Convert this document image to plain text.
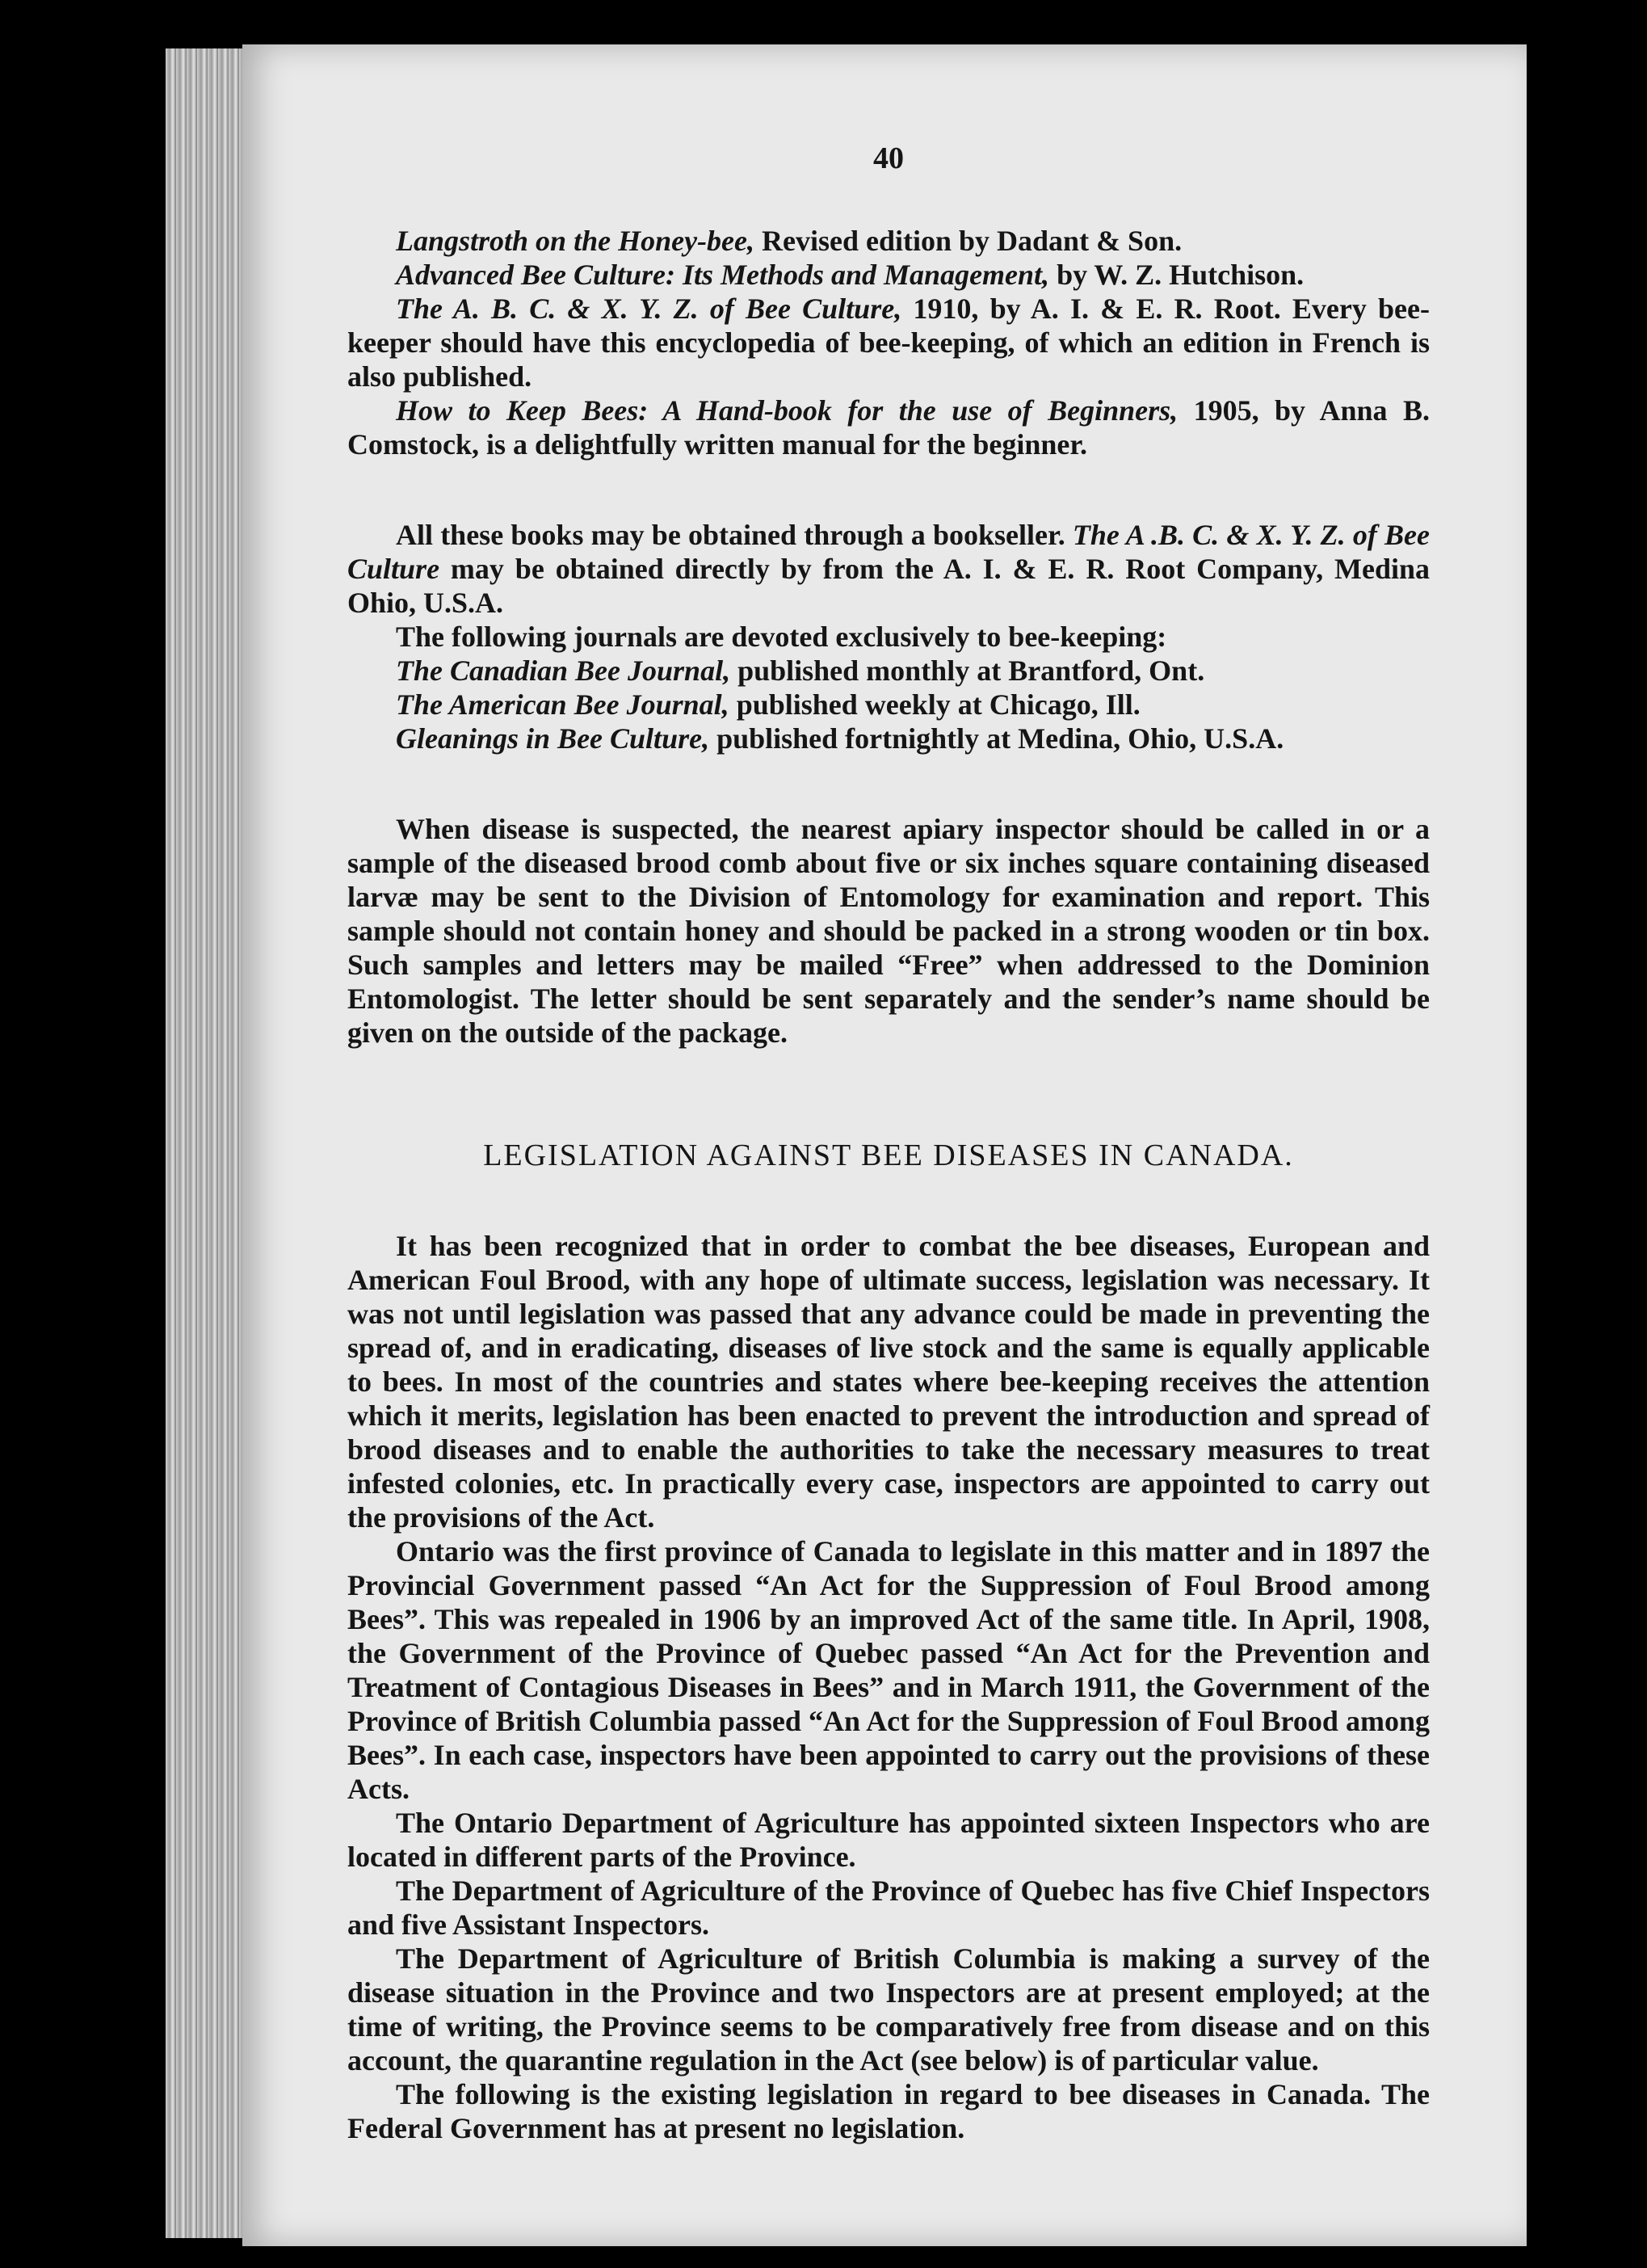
40

Langstroth on the Honey-bee, Revised edition by Dadant & Son.

Advanced Bee Culture: Its Methods and Management, by W. Z. Hutchison.

The A. B. C. & X. Y. Z. of Bee Culture, 1910, by A. I. & E. R. Root. Every bee-keeper should have this encyclopedia of bee-keeping, of which an edition in French is also published.

How to Keep Bees: A Hand-book for the use of Beginners, 1905, by Anna B. Comstock, is a delightfully written manual for the beginner.

All these books may be obtained through a bookseller. The A .B. C. & X. Y. Z. of Bee Culture may be obtained directly by from the A. I. & E. R. Root Company, Medina Ohio, U.S.A.

The following journals are devoted exclusively to bee-keeping:

The Canadian Bee Journal, published monthly at Brantford, Ont.

The American Bee Journal, published weekly at Chicago, Ill.

Gleanings in Bee Culture, published fortnightly at Medina, Ohio, U.S.A.

When disease is suspected, the nearest apiary inspector should be called in or a sample of the diseased brood comb about five or six inches square containing diseased larvæ may be sent to the Division of Entomology for examination and report. This sample should not contain honey and should be packed in a strong wooden or tin box. Such samples and letters may be mailed “Free” when addressed to the Dominion Entomologist. The letter should be sent separately and the sender’s name should be given on the outside of the package.

LEGISLATION AGAINST BEE DISEASES IN CANADA.

It has been recognized that in order to combat the bee diseases, European and American Foul Brood, with any hope of ultimate success, legislation was necessary. It was not until legislation was passed that any advance could be made in preventing the spread of, and in eradicating, diseases of live stock and the same is equally applicable to bees. In most of the countries and states where bee-keeping receives the attention which it merits, legislation has been enacted to prevent the introduction and spread of brood diseases and to enable the authorities to take the necessary measures to treat infested colonies, etc. In practically every case, inspectors are appointed to carry out the provisions of the Act.

Ontario was the first province of Canada to legislate in this matter and in 1897 the Provincial Government passed “An Act for the Suppression of Foul Brood among Bees”. This was repealed in 1906 by an improved Act of the same title. In April, 1908, the Government of the Province of Quebec passed “An Act for the Prevention and Treatment of Contagious Diseases in Bees” and in March 1911, the Government of the Province of British Columbia passed “An Act for the Suppression of Foul Brood among Bees”. In each case, inspectors have been appointed to carry out the provisions of these Acts.

The Ontario Department of Agriculture has appointed sixteen Inspectors who are located in different parts of the Province.

The Department of Agriculture of the Province of Quebec has five Chief Inspectors and five Assistant Inspectors.

The Department of Agriculture of British Columbia is making a survey of the disease situation in the Province and two Inspectors are at present employed; at the time of writing, the Province seems to be comparatively free from disease and on this account, the quarantine regulation in the Act (see below) is of particular value.

The following is the existing legislation in regard to bee diseases in Canada. The Federal Government has at present no legislation.
